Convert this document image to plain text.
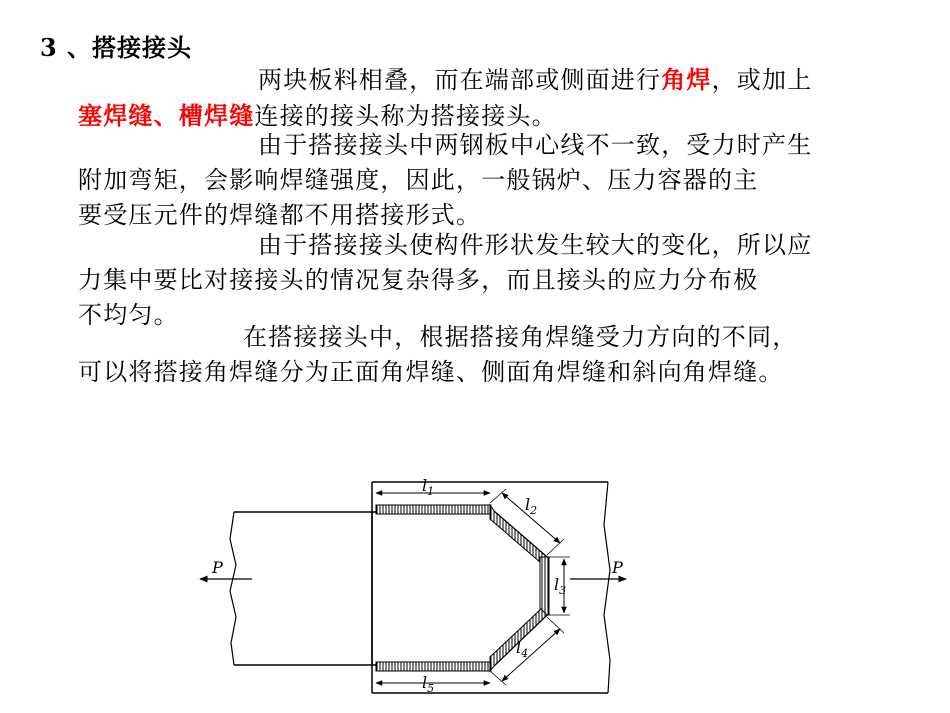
3 、搭接接头
两块板料相叠，而在端部或侧面进行角焊，或加上
塞焊缝、槽焊缝连接的接头称为搭接接头。
由于搭接接头中两钢板中心线不一致，受力时产生
附加弯矩，会影响焊缝强度，因此，一般锅炉、压力容器的主
要受压元件的焊缝都不用搭接形式。
由于搭接接头使构件形状发生较大的变化，所以应
力集中要比对接接头的情况复杂得多，而且接头的应力分布极
不均匀。
在搭接接头中，根据搭接角焊缝受力方向的不同，
可以将搭接角焊缝分为正面角焊缝、侧面角焊缝和斜向角焊缝。
$l_1$
$l_2$
$l_3$
$l_4$
$l_5$
P	P
